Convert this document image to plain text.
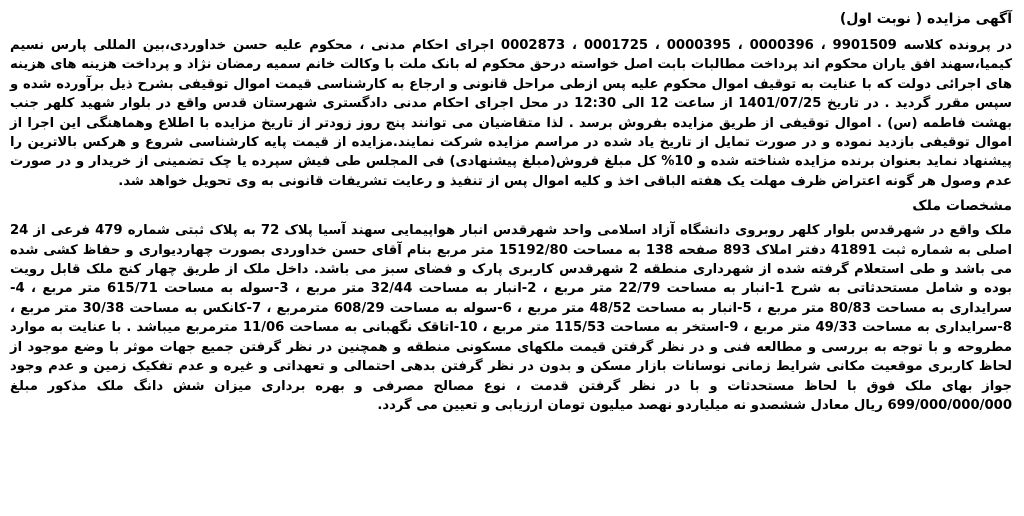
آگهی مزایده ( نوبت اول)

در پرونده کلاسه 9901509 ، 0000396 ، 0000395 ، 0001725 ، 0002873 اجرای احکام مدنی ، محکوم علیه حسن خداوردی،بین المللی پارس نسیم کیمیا،سهند افق یاران محکوم اند پرداخت مطالبات بابت اصل خواسته درحق محکوم له بانک ملت با وکالت خانم سمیه رمضان نژاد و پرداخت هزینه های هزینه های اجرائی دولت که با عنایت به توقیف اموال محکوم علیه پس ازطی مراحل قانونی و ارجاع به کارشناسی قیمت اموال توقیفی بشرح ذیل برآورده شده و سپس مقرر گردید . در تاریخ 1401/07/25 از ساعت 12 الی 12:30 در محل اجرای احکام مدنی دادگستری شهرستان قدس واقع در بلوار شهید کلهر جنب بهشت فاطمه (س) . اموال توقیفی از طریق مزایده بفروش برسد . لذا متقاضیان می توانند پنج روز زودتر از تاریخ مزایده با اطلاع وهماهنگی این اجرا از اموال توقیفی بازدید نموده و در صورت تمایل از تاریخ یاد شده در مراسم مزایده شرکت نمایند.مزایده از قیمت پایه کارشناسی شروع و هرکس بالاترین را پیشنهاد نماید بعنوان برنده مزایده شناخته شده و 10% کل مبلغ فروش(مبلغ پیشنهادی) فی المجلس طی فیش سپرده یا چک تضمینی از خریدار و در صورت عدم وصول هر گونه اعتراض ظرف مهلت یک هفته الباقی اخذ و کلیه اموال پس از تنفیذ و رعایت تشریفات قانونی به وی تحویل خواهد شد.

مشخصات ملک

ملک واقع در شهرقدس بلوار کلهر روبروی دانشگاه آزاد اسلامی واحد شهرقدس انبار هواپیمایی سهند آسیا پلاک 72 به پلاک ثبتی شماره 479 فرعی از 24 اصلی به شماره ثبت 41891 دفتر املاک 893 صفحه 138 به مساحت 15192/80 متر مربع بنام آقای حسن خداوردی بصورت چهاردیواری و حفاظ کشی شده می باشد و طی استعلام گرفته شده از شهرداری منطقه 2 شهرقدس کاربری پارک و فضای سبز می باشد. داخل ملک از طریق چهار کنج ملک قابل رویت بوده و شامل مستحدثاتی به شرح 1-انبار به مساحت 22/79 متر مربع ، 2-انبار به مساحت 32/44 متر مربع ، 3-سوله به مساحت 615/71 متر مربع ، 4-سرایداری به مساحت 80/83 متر مربع ، 5-انبار به مساحت 48/52 متر مربع ، 6-سوله به مساحت 608/29 مترمربع ، 7-کانکس به مساحت 30/38 متر مربع ، 8-سرایداری به مساحت 49/33 متر مربع ، 9-استخر به مساحت 115/53 متر مربع ، 10-اتاقک نگهبانی به مساحت 11/06 مترمربع میباشد . با عنایت به موارد مطروحه و با توجه به بررسی و مطالعه فنی و در نظر گرفتن قیمت ملکهای مسکونی منطقه و همچنین در نظر گرفتن جمیع جهات موثر با وضع موجود از لحاظ کاربری موقعیت مکانی شرایط زمانی نوسانات بازار مسکن و بدون در نظر گرفتن بدهی احتمالی و تعهداتی و غیره و عدم تفکیک زمین و عدم وجود جواز بهای ملک فوق با لحاظ مستحدثات و با در نظر گرفتن قدمت ، نوع مصالح مصرفی و بهره برداری میزان شش دانگ ملک مذکور مبلغ 699/000/000/000 ریال معادل ششصدو نه میلیاردو نهصد میلیون تومان ارزیابی و تعیین می گردد.
